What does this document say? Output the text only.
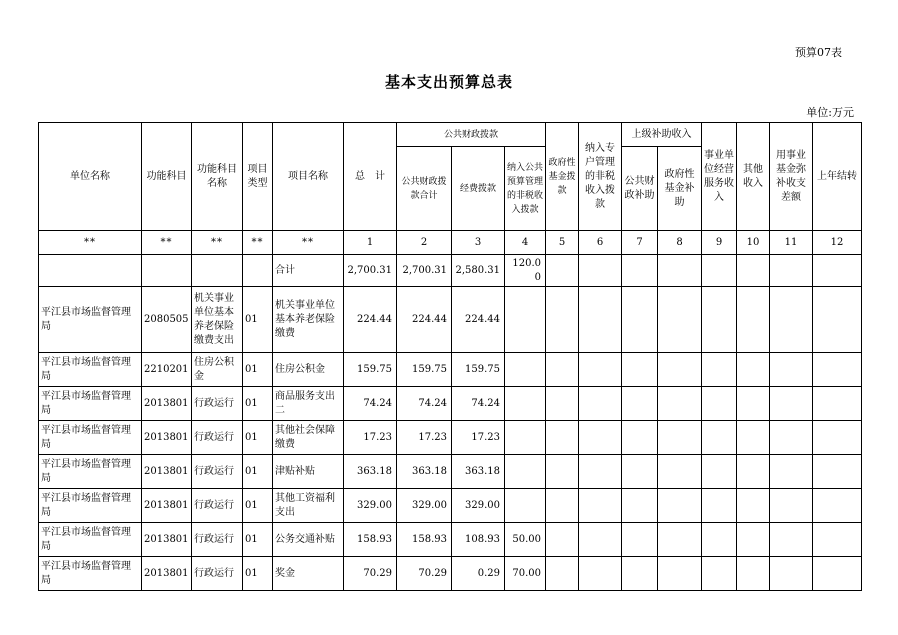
预算07表
基本支出预算总表
单位:万元
单位名称	功能科目	功能科目名称	项目类型	项目名称	总　计	公共财政拨款			政府性基金拨款	纳入专户管理的非税收入拨款	上级补助收入		事业单位经营服务收入	其他收入	用事业基金弥补收支差额	上年结转
						公共财政拨款合计	经费拨款	纳入公共预算管理的非税收入拨款			公共财政补助	政府性基金补助				
**	**	**	**	**	1	2	3	4	5	6	7	8	9	10	11	12
				合计	2,700.31	2,700.31	2,580.31	120.00								
平江县市场监督管理局	2080505	机关事业单位基本养老保险缴费支出	01	机关事业单位基本养老保险缴费	224.44	224.44	224.44									
平江县市场监督管理局	2210201	住房公积金	01	住房公积金	159.75	159.75	159.75									
平江县市场监督管理局	2013801	行政运行	01	商品服务支出二	74.24	74.24	74.24									
平江县市场监督管理局	2013801	行政运行	01	其他社会保障缴费	17.23	17.23	17.23									
平江县市场监督管理局	2013801	行政运行	01	津贴补贴	363.18	363.18	363.18									
平江县市场监督管理局	2013801	行政运行	01	其他工资福利支出	329.00	329.00	329.00									
平江县市场监督管理局	2013801	行政运行	01	公务交通补贴	158.93	158.93	108.93	50.00								
平江县市场监督管理局	2013801	行政运行	01	奖金	70.29	70.29	0.29	70.00								
